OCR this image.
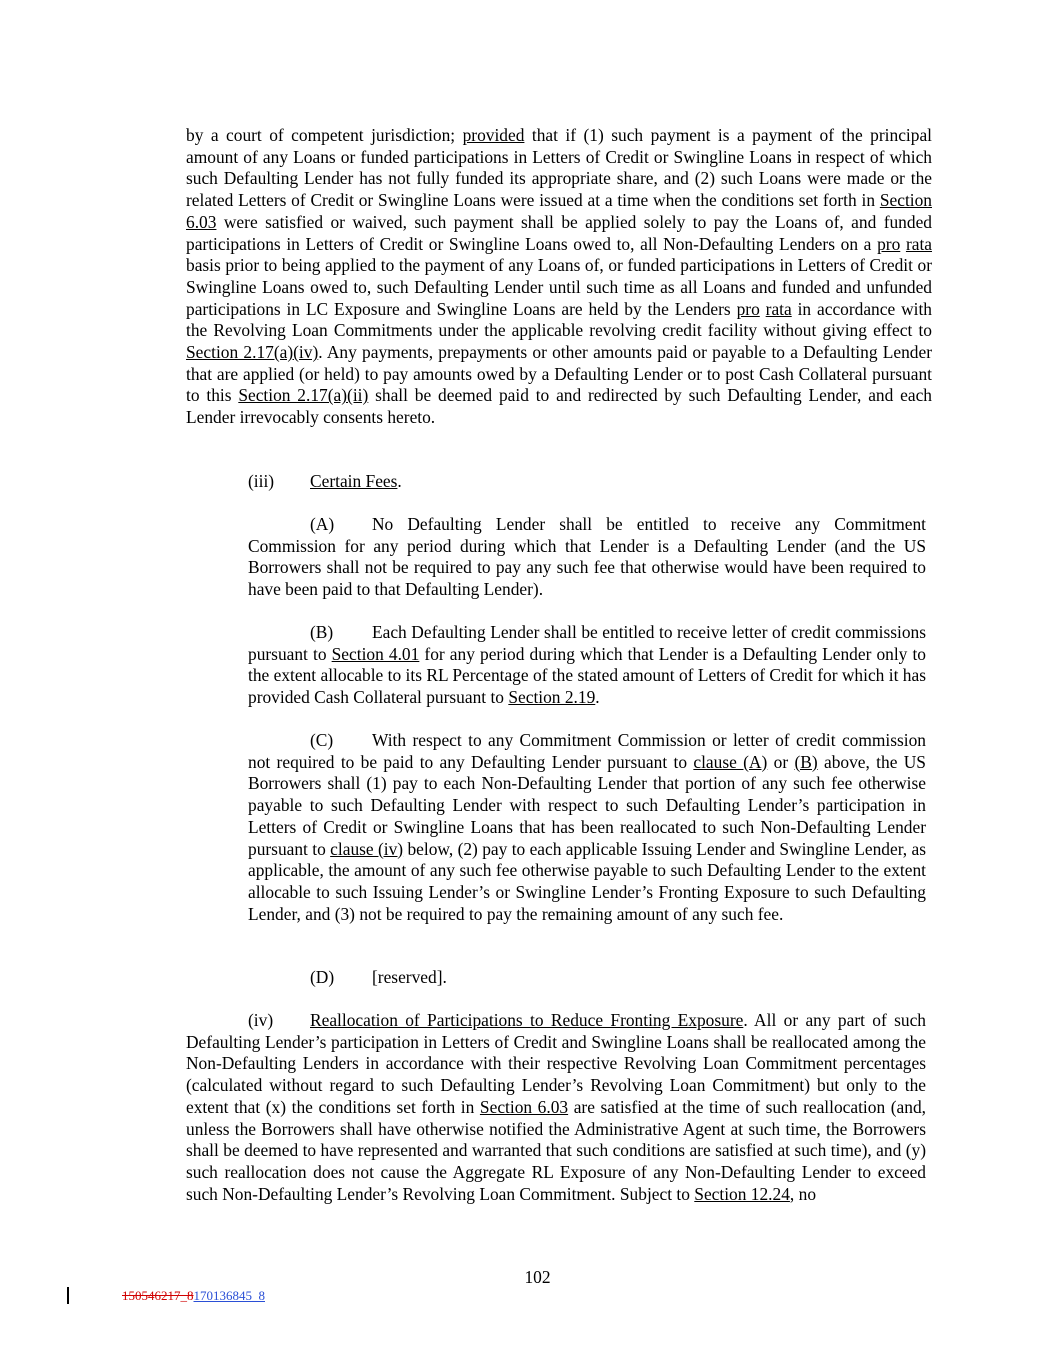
by a court of competent jurisdiction; provided that if (1) such payment is a payment of the principal amount of any Loans or funded participations in Letters of Credit or Swingline Loans in respect of which such Defaulting Lender has not fully funded its appropriate share, and (2) such Loans were made or the related Letters of Credit or Swingline Loans were issued at a time when the conditions set forth in Section 6.03 were satisfied or waived, such payment shall be applied solely to pay the Loans of, and funded participations in Letters of Credit or Swingline Loans owed to, all Non-Defaulting Lenders on a pro rata basis prior to being applied to the payment of any Loans of, or funded participations in Letters of Credit or Swingline Loans owed to, such Defaulting Lender until such time as all Loans and funded and unfunded participations in LC Exposure and Swingline Loans are held by the Lenders pro rata in accordance with the Revolving Loan Commitments under the applicable revolving credit facility without giving effect to Section 2.17(a)(iv). Any payments, prepayments or other amounts paid or payable to a Defaulting Lender that are applied (or held) to pay amounts owed by a Defaulting Lender or to post Cash Collateral pursuant to this Section 2.17(a)(ii) shall be deemed paid to and redirected by such Defaulting Lender, and each Lender irrevocably consents hereto.

(iii) Certain Fees.

(A) No Defaulting Lender shall be entitled to receive any Commitment Commission for any period during which that Lender is a Defaulting Lender (and the US Borrowers shall not be required to pay any such fee that otherwise would have been required to have been paid to that Defaulting Lender).

(B) Each Defaulting Lender shall be entitled to receive letter of credit commissions pursuant to Section 4.01 for any period during which that Lender is a Defaulting Lender only to the extent allocable to its RL Percentage of the stated amount of Letters of Credit for which it has provided Cash Collateral pursuant to Section 2.19.

(C) With respect to any Commitment Commission or letter of credit commission not required to be paid to any Defaulting Lender pursuant to clause (A) or (B) above, the US Borrowers shall (1) pay to each Non-Defaulting Lender that portion of any such fee otherwise payable to such Defaulting Lender with respect to such Defaulting Lender’s participation in Letters of Credit or Swingline Loans that has been reallocated to such Non-Defaulting Lender pursuant to clause (iv) below, (2) pay to each applicable Issuing Lender and Swingline Lender, as applicable, the amount of any such fee otherwise payable to such Defaulting Lender to the extent allocable to such Issuing Lender’s or Swingline Lender’s Fronting Exposure to such Defaulting Lender, and (3) not be required to pay the remaining amount of any such fee.

(D) [reserved].

(iv) Reallocation of Participations to Reduce Fronting Exposure. All or any part of such Defaulting Lender’s participation in Letters of Credit and Swingline Loans shall be reallocated among the Non-Defaulting Lenders in accordance with their respective Revolving Loan Commitment percentages (calculated without regard to such Defaulting Lender’s Revolving Loan Commitment) but only to the extent that (x) the conditions set forth in Section 6.03 are satisfied at the time of such reallocation (and, unless the Borrowers shall have otherwise notified the Administrative Agent at such time, the Borrowers shall be deemed to have represented and warranted that such conditions are satisfied at such time), and (y) such reallocation does not cause the Aggregate RL Exposure of any Non-Defaulting Lender to exceed such Non-Defaulting Lender’s Revolving Loan Commitment. Subject to Section 12.24, no

102
150546217_8170136845_8
